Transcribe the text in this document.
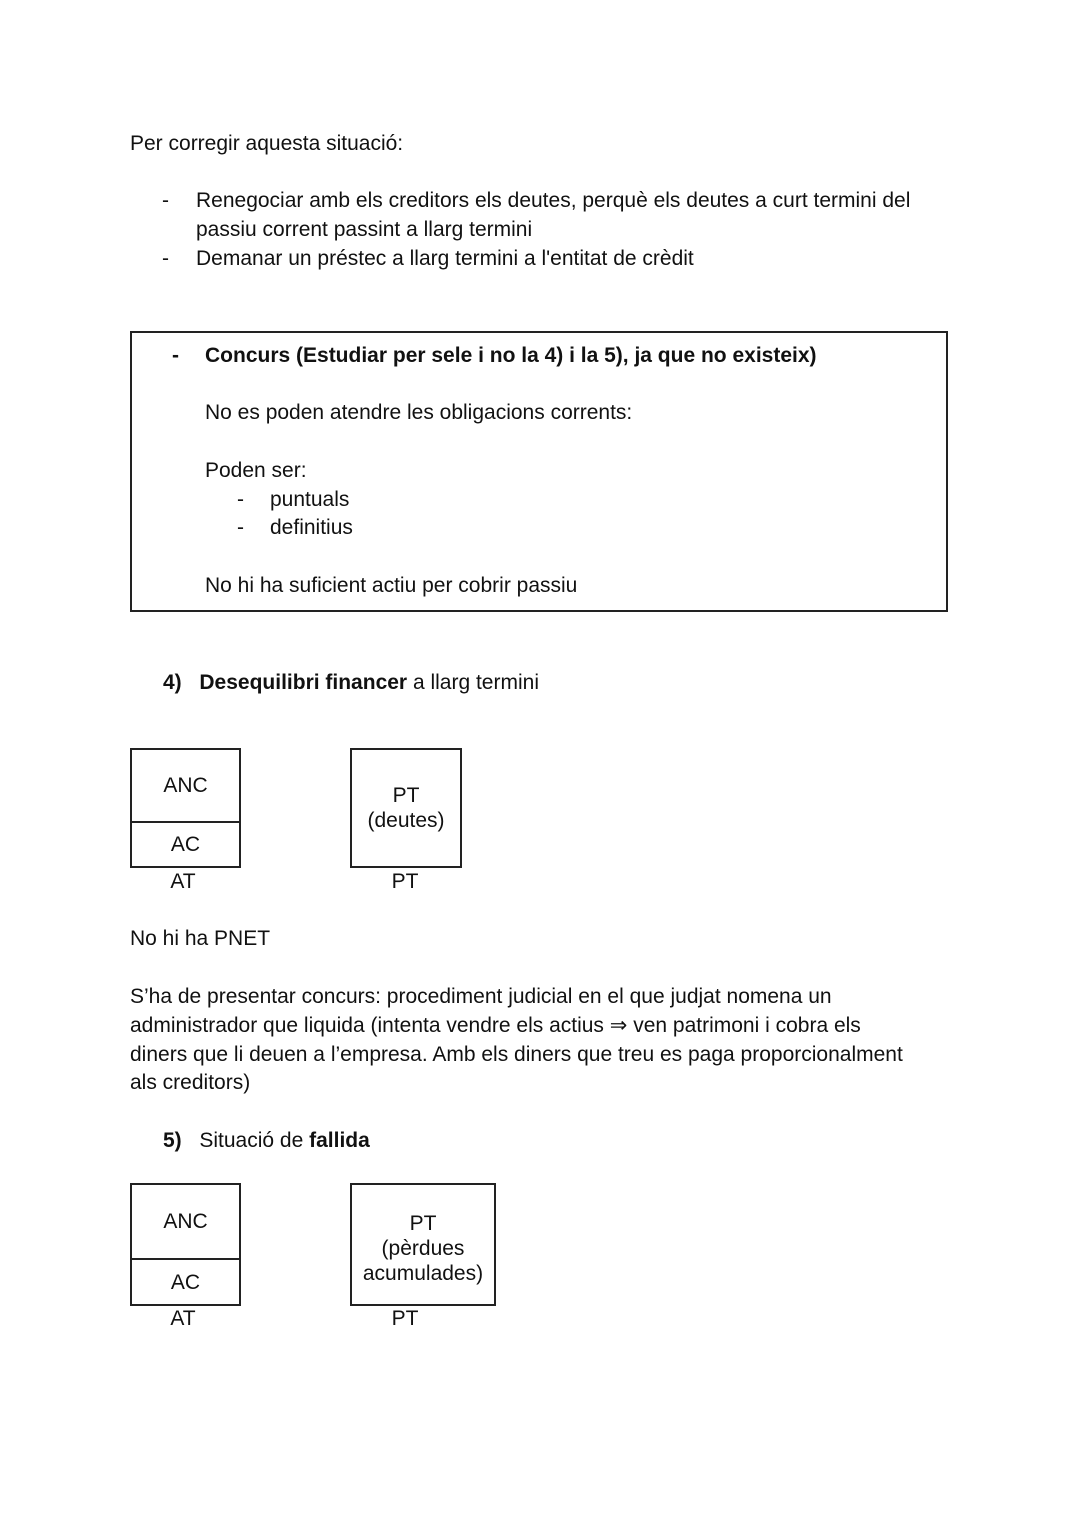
Per corregir aquesta situació:
- Renegociar amb els creditors els deutes, perquè els deutes a curt termini del
passiu corrent passint a llarg termini
- Demanar un préstec a llarg termini a l'entitat de crèdit
- Concurs (Estudiar per sele i no la 4) i la 5), ja que no existeix)
No es poden atendre les obligacions corrents:
Poden ser:
- puntuals
- definitius
No hi ha suficient actiu per cobrir passiu
4) Desequilibri financer a llarg termini
ANC
AC
AT
PT
(deutes)
PT
No hi ha PNET
S’ha de presentar concurs: procediment judicial en el que judjat nomena un
administrador que liquida (intenta vendre els actius ⇒ ven patrimoni i cobra els
diners que li deuen a l’empresa. Amb els diners que treu es paga proporcionalment
als creditors)
5) Situació de fallida
ANC
AC
AT
PT
(pèrdues
acumulades)
PT
